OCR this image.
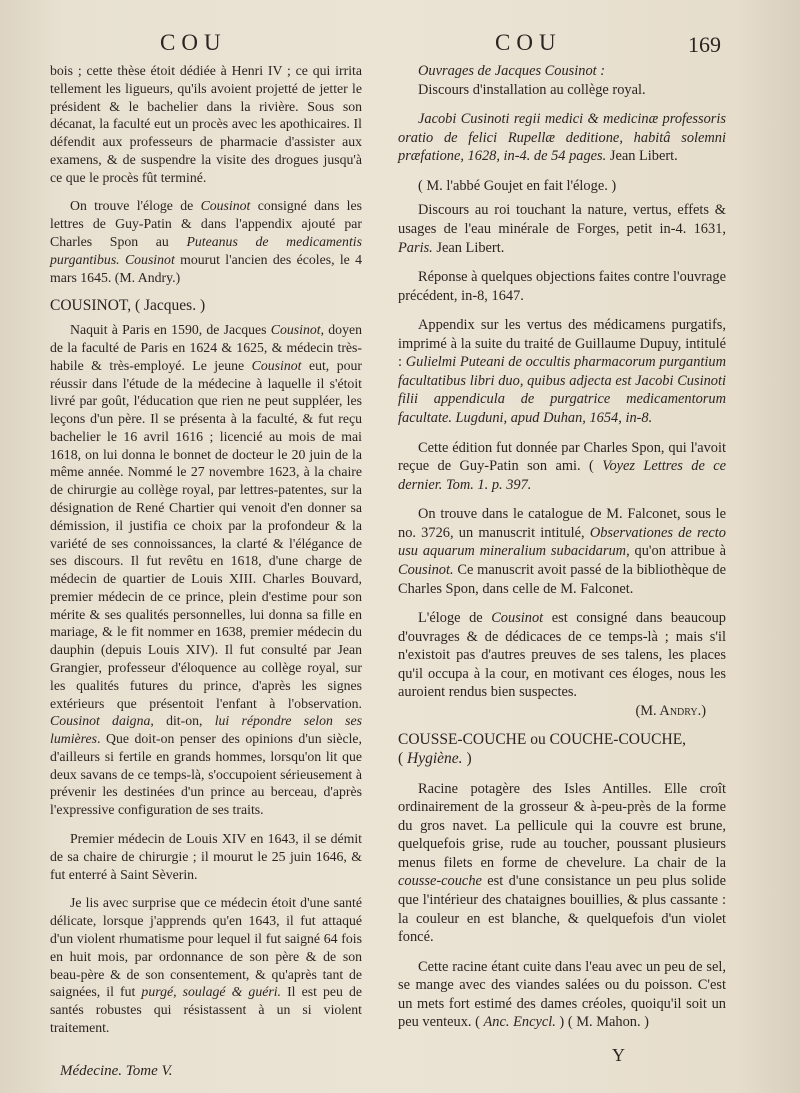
COU	COU	169

bois ; cette thèse étoit dédiée à Henri IV ; ce qui irrita tellement les ligueurs, qu'ils avoient projetté de jetter le président & le bachelier dans la rivière. Sous son décanat, la faculté eut un procès avec les apothicaires. Il défendit aux professeurs de pharmacie d'assister aux examens, & de suspendre la visite des drogues jusqu'à ce que le procès fût terminé.

On trouve l'éloge de Cousinot consigné dans les lettres de Guy-Patin & dans l'appendix ajouté par Charles Spon au Puteanus de medicamentis purgantibus. Cousinot mourut l'ancien des écoles, le 4 mars 1645. (M. Andry.)

COUSINOT, ( Jacques. )

Naquit à Paris en 1590, de Jacques Cousinot, doyen de la faculté de Paris en 1624 & 1625, & médecin très-habile & très-employé. Le jeune Cousinot eut, pour réussir dans l'étude de la médecine à laquelle il s'étoit livré par goût, l'éducation que rien ne peut suppléer, les leçons d'un père. Il se présenta à la faculté, & fut reçu bachelier le 16 avril 1616 ; licencié au mois de mai 1618, on lui donna le bonnet de docteur le 20 juin de la même année. Nommé le 27 novembre 1623, à la chaire de chirurgie au collège royal, par lettres-patentes, sur la désignation de René Chartier qui venoit d'en donner sa démission, il justifia ce choix par la profondeur & la variété de ses connoissances, la clarté & l'élégance de ses discours. Il fut revêtu en 1618, d'une charge de médecin de quartier de Louis XIII. Charles Bouvard, premier médecin de ce prince, plein d'estime pour son mérite & ses qualités personnelles, lui donna sa fille en mariage, & le fit nommer en 1638, premier médecin du dauphin (depuis Louis XIV). Il fut consulté par Jean Grangier, professeur d'éloquence au collège royal, sur les qualités futures du prince, d'après les signes extérieurs que présentoit l'enfant à l'observation. Cousinot daigna, dit-on, lui répondre selon ses lumières. Que doit-on penser des opinions d'un siècle, d'ailleurs si fertile en grands hommes, lorsqu'on lit que deux savans de ce temps-là, s'occupoient sérieusement à prévenir les destinées d'un prince au berceau, d'après l'expressive configuration de ses traits.

Premier médecin de Louis XIV en 1643, il se démit de sa chaire de chirurgie ; il mourut le 25 juin 1646, & fut enterré à Saint Sèverin.

Je lis avec surprise que ce médecin étoit d'une santé délicate, lorsque j'apprends qu'en 1643, il fut attaqué d'un violent rhumatisme pour lequel il fut saigné 64 fois en huit mois, par ordonnance de son père & de son beau-père & de son consentement, & qu'après tant de saignées, il fut purgé, soulagé & guéri. Il est peu de santés robustes qui résistassent à un si violent traitement.

Ouvrages de Jacques Cousinot :

Discours d'installation au collège royal.

Jacobi Cusinoti regii medici & medicinæ professoris oratio de felici Rupellæ deditione, habitâ solemni præfatione, 1628, in-4. de 54 pages. Jean Libert.

( M. l'abbé Goujet en fait l'éloge. )

Discours au roi touchant la nature, vertus, effets & usages de l'eau minérale de Forges, petit in-4. 1631, Paris. Jean Libert.

Réponse à quelques objections faites contre l'ouvrage précédent, in-8, 1647.

Appendix sur les vertus des médicamens purgatifs, imprimé à la suite du traité de Guillaume Dupuy, intitulé : Gulielmi Puteani de occultis pharmacorum purgantium facultatibus libri duo, quibus adjecta est Jacobi Cusinoti filii appendicula de purgatrice medicamentorum facultate. Lugduni, apud Duhan, 1654, in-8.

Cette édition fut donnée par Charles Spon, qui l'avoit reçue de Guy-Patin son ami. ( Voyez Lettres de ce dernier. Tom. 1. p. 397.

On trouve dans le catalogue de M. Falconet, sous le no. 3726, un manuscrit intitulé, Observationes de recto usu aquarum mineralium subacidarum, qu'on attribue à Cousinot. Ce manuscrit avoit passé de la bibliothèque de Charles Spon, dans celle de M. Falconet.

L'éloge de Cousinot est consigné dans beaucoup d'ouvrages & de dédicaces de ce temps-là ; mais s'il n'existoit pas d'autres preuves de ses talens, les places qu'il occupa à la cour, en motivant ces éloges, nous les auroient rendus bien suspectes.

(M. Andry.)

COUSSE-COUCHE ou COUCHE-COUCHE,
( Hygiène. )

Racine potagère des Isles Antilles. Elle croît ordinairement de la grosseur & à-peu-près de la forme du gros navet. La pellicule qui la couvre est brune, quelquefois grise, rude au toucher, poussant plusieurs menus filets en forme de chevelure. La chair de la cousse-couche est d'une consistance un peu plus solide que l'intérieur des chataignes bouillies, & plus cassante : la couleur en est blanche, & quelquefois d'un violet foncé.

Cette racine étant cuite dans l'eau avec un peu de sel, se mange avec des viandes salées ou du poisson. C'est un mets fort estimé des dames créoles, quoiqu'il soit un peu venteux. ( Anc. Encycl. ) ( M. Mahon. )

Médecine. Tome V.
Y
